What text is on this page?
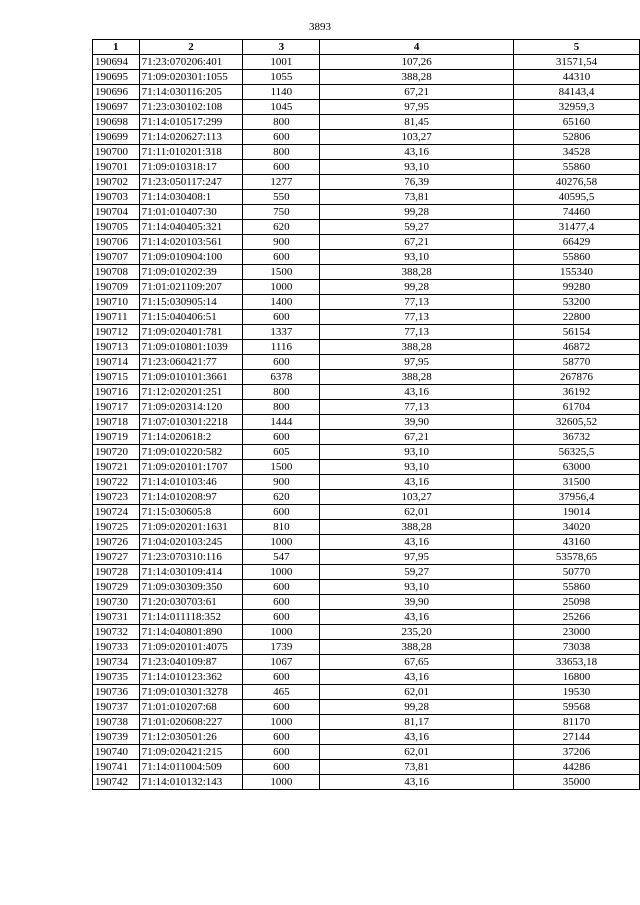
3893
1	2	3	4	5
190694	71:23:070206:401	1001	107,26	31571,54
190695	71:09:020301:1055	1055	388,28	44310
190696	71:14:030116:205	1140	67,21	84143,4
190697	71:23:030102:108	1045	97,95	32959,3
190698	71:14:010517:299	800	81,45	65160
190699	71:14:020627:113	600	103,27	52806
190700	71:11:010201:318	800	43,16	34528
190701	71:09:010318:17	600	93,10	55860
190702	71:23:050117:247	1277	76,39	40276,58
190703	71:14:030408:1	550	73,81	40595,5
190704	71:01:010407:30	750	99,28	74460
190705	71:14:040405:321	620	59,27	31477,4
190706	71:14:020103:561	900	67,21	66429
190707	71:09:010904:100	600	93,10	55860
190708	71:09:010202:39	1500	388,28	155340
190709	71:01:021109:207	1000	99,28	99280
190710	71:15:030905:14	1400	77,13	53200
190711	71:15:040406:51	600	77,13	22800
190712	71:09:020401:781	1337	77,13	56154
190713	71:09:010801:1039	1116	388,28	46872
190714	71:23:060421:77	600	97,95	58770
190715	71:09:010101:3661	6378	388,28	267876
190716	71:12:020201:251	800	43,16	36192
190717	71:09:020314:120	800	77,13	61704
190718	71:07:010301:2218	1444	39,90	32605,52
190719	71:14:020618:2	600	67,21	36732
190720	71:09:010220:582	605	93,10	56325,5
190721	71:09:020101:1707	1500	93,10	63000
190722	71:14:010103:46	900	43,16	31500
190723	71:14:010208:97	620	103,27	37956,4
190724	71:15:030605:8	600	62,01	19014
190725	71:09:020201:1631	810	388,28	34020
190726	71:04:020103:245	1000	43,16	43160
190727	71:23:070310:116	547	97,95	53578,65
190728	71:14:030109:414	1000	59,27	50770
190729	71:09:030309:350	600	93,10	55860
190730	71:20:030703:61	600	39,90	25098
190731	71:14:011118:352	600	43,16	25266
190732	71:14:040801:890	1000	235,20	23000
190733	71:09:020101:4075	1739	388,28	73038
190734	71:23:040109:87	1067	67,65	33653,18
190735	71:14:010123:362	600	43,16	16800
190736	71:09:010301:3278	465	62,01	19530
190737	71:01:010207:68	600	99,28	59568
190738	71:01:020608:227	1000	81,17	81170
190739	71:12:030501:26	600	43,16	27144
190740	71:09:020421:215	600	62,01	37206
190741	71:14:011004:509	600	73,81	44286
190742	71:14:010132:143	1000	43,16	35000
